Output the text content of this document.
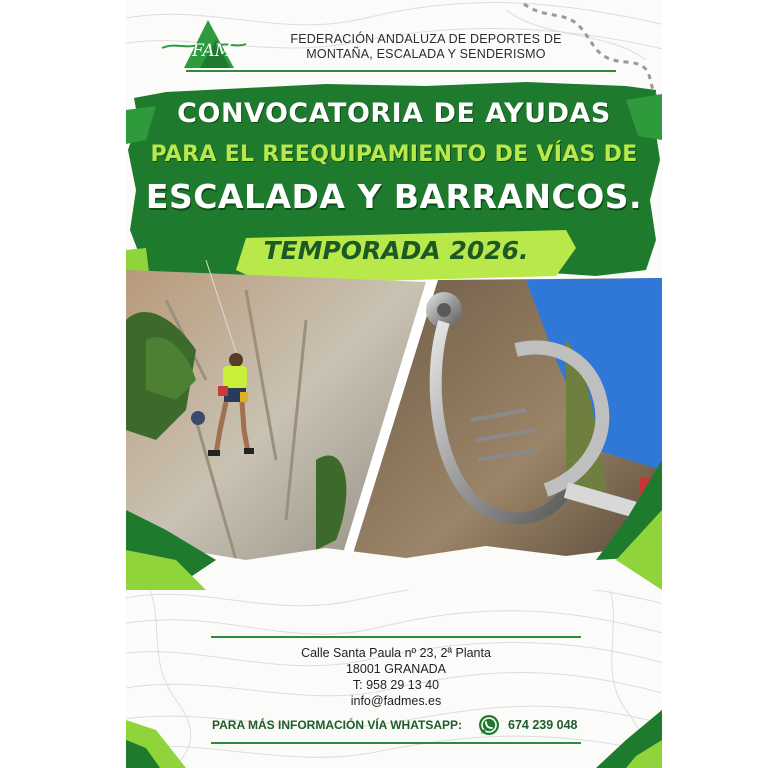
FAM
FEDERACIÓN ANDALUZA DE DEPORTES DE
MONTAÑA, ESCALADA Y SENDERISMO
CONVOCATORIA DE AYUDAS
PARA EL REEQUIPAMIENTO DE VÍAS DE
ESCALADA Y BARRANCOS.
TEMPORADA 2026.
Calle Santa Paula nº 23, 2ª Planta
18001 GRANADA
T: 958 29 13 40
info@fadmes.es
PARA MÁS INFORMACIÓN VÍA WHATSAPP:	674 239 048
